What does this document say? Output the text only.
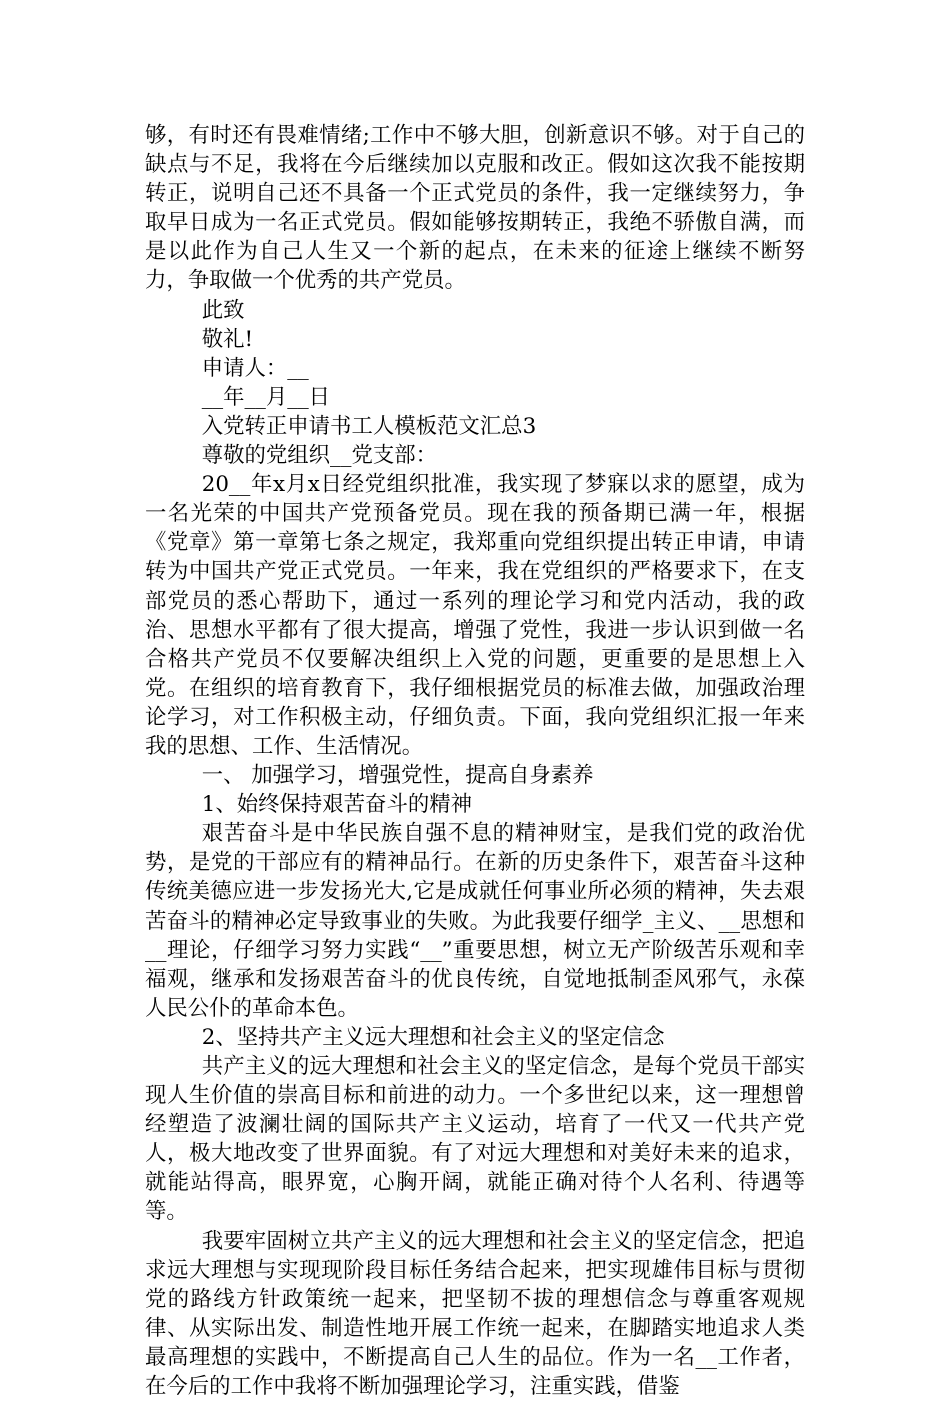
够，有时还有畏难情绪;工作中不够大胆，创新意识不够。对于自己的缺点与不足，我将在今后继续加以克服和改正。假如这次我不能按期转正，说明自己还不具备一个正式党员的条件，我一定继续努力，争取早日成为一名正式党员。假如能够按期转正，我绝不骄傲自满，而是以此作为自己人生又一个新的起点，在未来的征途上继续不断努力，争取做一个优秀的共产党员。

此致

敬礼!

申请人：__

__年__月__日

入党转正申请书工人模板范文汇总3

尊敬的党组织__党支部：

20__年x月x日经党组织批准，我实现了梦寐以求的愿望，成为一名光荣的中国共产党预备党员。现在我的预备期已满一年，根据《党章》第一章第七条之规定，我郑重向党组织提出转正申请，申请转为中国共产党正式党员。一年来，我在党组织的严格要求下，在支部党员的悉心帮助下，通过一系列的理论学习和党内活动，我的政治、思想水平都有了很大提高，增强了党性，我进一步认识到做一名合格共产党员不仅要解决组织上入党的问题，更重要的是思想上入党。在组织的培育教育下，我仔细根据党员的标准去做，加强政治理论学习，对工作积极主动，仔细负责。下面，我向党组织汇报一年来我的思想、工作、生活情况。

一、 加强学习，增强党性，提高自身素养

1、始终保持艰苦奋斗的精神

艰苦奋斗是中华民族自强不息的精神财宝，是我们党的政治优势，是党的干部应有的精神品行。在新的历史条件下，艰苦奋斗这种传统美德应进一步发扬光大,它是成就任何事业所必须的精神，失去艰苦奋斗的精神必定导致事业的失败。为此我要仔细学_主义、__思想和__理论，仔细学习努力实践“__”重要思想，树立无产阶级苦乐观和幸福观，继承和发扬艰苦奋斗的优良传统，自觉地抵制歪风邪气，永葆人民公仆的革命本色。

2、坚持共产主义远大理想和社会主义的坚定信念

共产主义的远大理想和社会主义的坚定信念，是每个党员干部实现人生价值的崇高目标和前进的动力。一个多世纪以来，这一理想曾经塑造了波澜壮阔的国际共产主义运动，培育了一代又一代共产党人，极大地改变了世界面貌。有了对远大理想和对美好未来的追求，就能站得高，眼界宽，心胸开阔，就能正确对待个人名利、待遇等等。

我要牢固树立共产主义的远大理想和社会主义的坚定信念，把追求远大理想与实现现阶段目标任务结合起来，把实现雄伟目标与贯彻党的路线方针政策统一起来，把坚韧不拔的理想信念与尊重客观规律、从实际出发、制造性地开展工作统一起来，在脚踏实地追求人类最高理想的实践中，不断提高自己人生的品位。作为一名__工作者，在今后的工作中我将不断加强理论学习，注重实践，借鉴
